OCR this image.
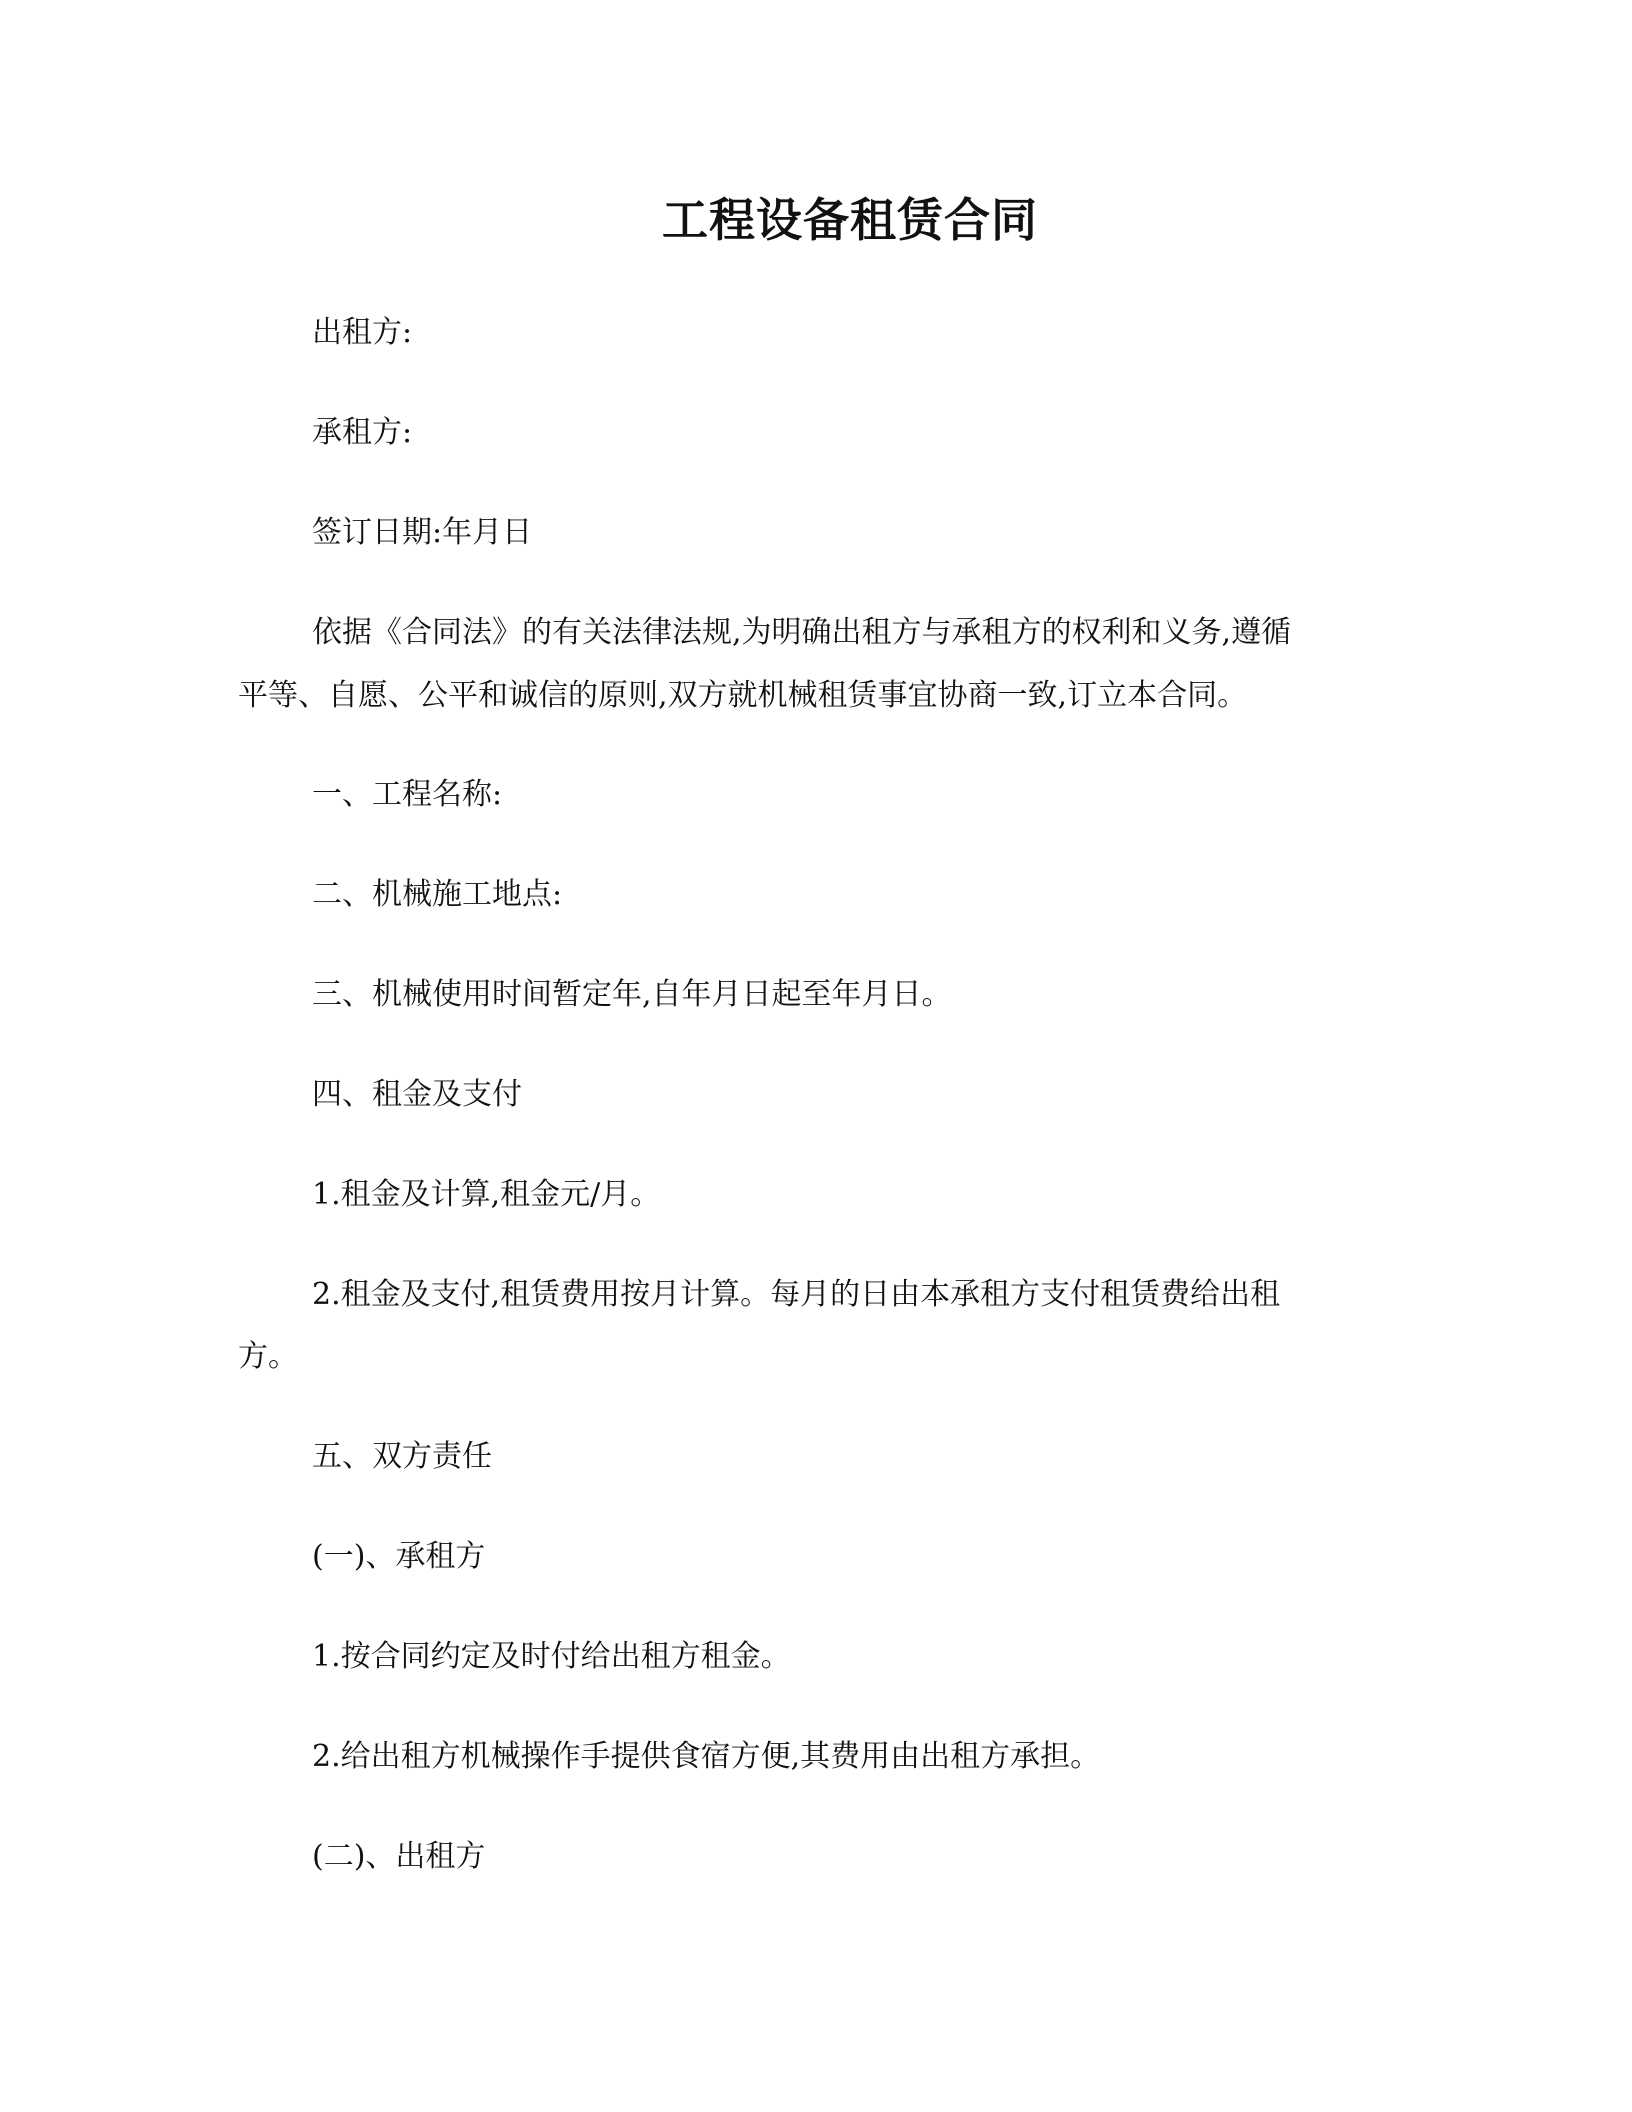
工程设备租赁合同
出租方:
承租方:
签订日期:年月日
依据《合同法》的有关法律法规,为明确出租方与承租方的权利和义务,遵循
平等、自愿、公平和诚信的原则,双方就机械租赁事宜协商一致,订立本合同。
一、工程名称:
二、机械施工地点:
三、机械使用时间暂定年,自年月日起至年月日。
四、租金及支付
1.租金及计算,租金元/月。
2.租金及支付,租赁费用按月计算。每月的日由本承租方支付租赁费给出租
方。
五、双方责任
(一)、承租方
1.按合同约定及时付给出租方租金。
2.给出租方机械操作手提供食宿方便,其费用由出租方承担。
(二)、出租方
